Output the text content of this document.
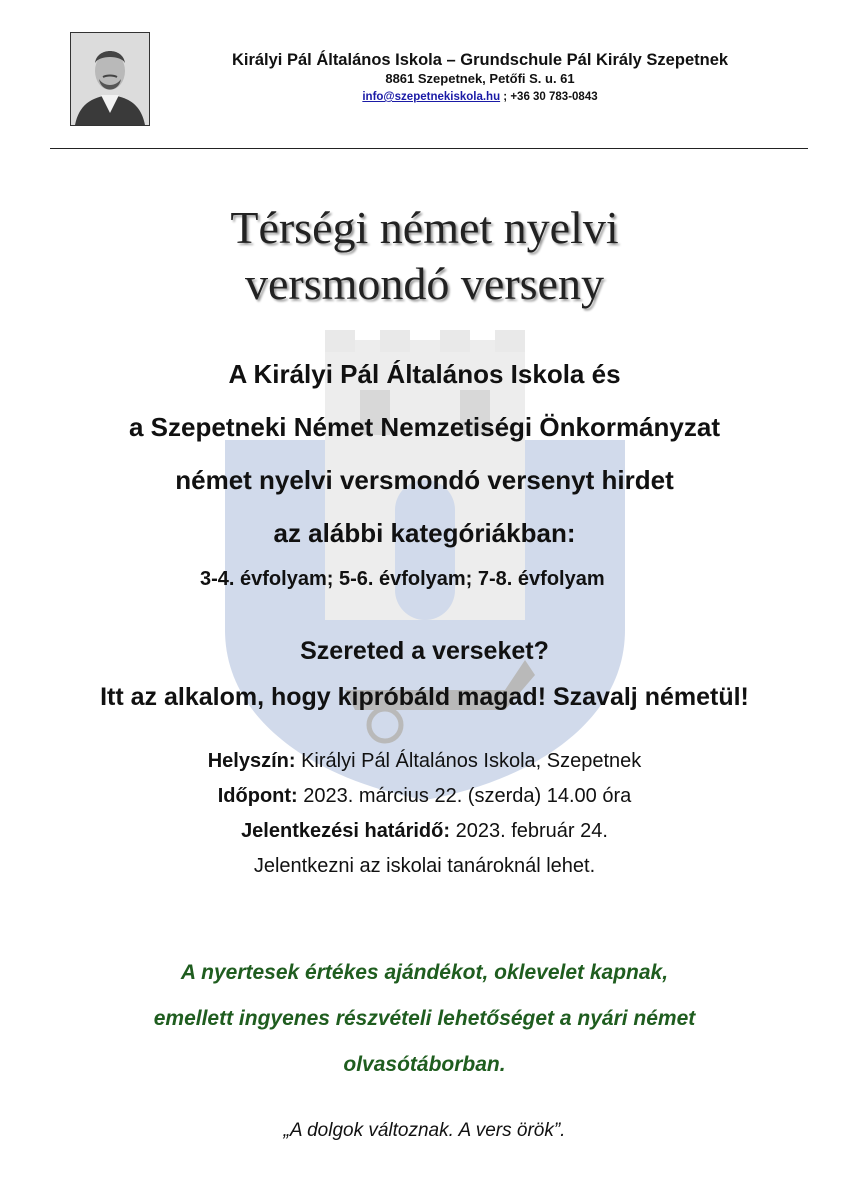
Királyi Pál Általános Iskola – Grundschule Pál Király Szepetnek
8861 Szepetnek, Petőfi S. u. 61
info@szepetnekiskola.hu ; +36 30 783-0843
Térségi német nyelvi
versmondó verseny
A Királyi Pál Általános Iskola és
a Szepetneki Német Nemzetiségi Önkormányzat
német nyelvi versmondó versenyt hirdet
az alábbi kategóriákban:
3-4. évfolyam; 5-6. évfolyam; 7-8. évfolyam
Szereted a verseket?
Itt az alkalom, hogy kipróbáld magad! Szavalj németül!
Helyszín: Királyi Pál Általános Iskola, Szepetnek
Időpont: 2023. március 22. (szerda) 14.00 óra
Jelentkezési határidő: 2023. február 24.
Jelentkezni az iskolai tanároknál lehet.
A nyertesek értékes ajándékot, oklevelet kapnak,
emellett ingyenes részvételi lehetőséget a nyári német
olvasótáborban.
„A dolgok változnak. A vers örök”.
